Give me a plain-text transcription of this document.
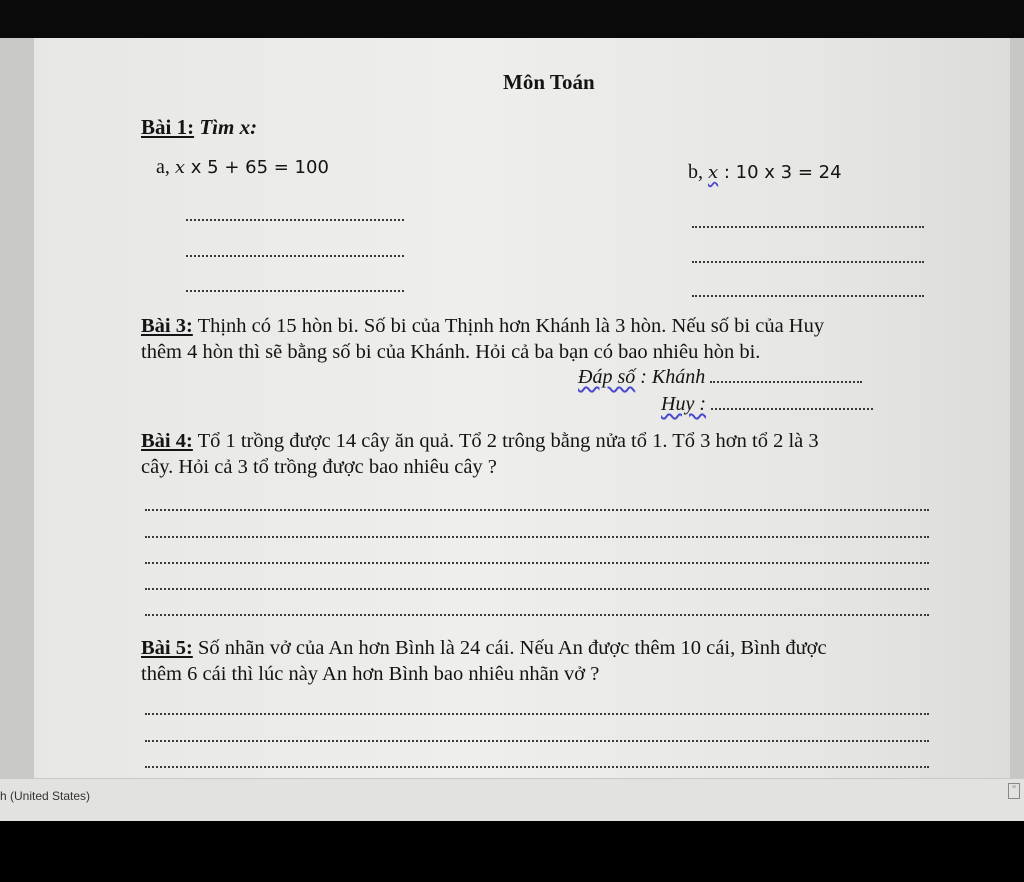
Môn Toán
Bài 1: Tìm x:
a, x x 5 + 65 = 100	b, x : 10 x 3 = 24
Bài 3: Thịnh có 15 hòn bi. Số bi của Thịnh hơn Khánh là 3 hòn. Nếu số bi của Huy
thêm 4 hòn thì sẽ bằng số bi của Khánh. Hỏi cả ba bạn có bao nhiêu hòn bi.
Đáp số : Khánh
Huy :
Bài 4: Tổ 1 trồng được 14 cây ăn quả. Tổ 2 trông bằng nửa tổ 1. Tổ 3 hơn tổ 2 là 3
cây. Hỏi cả 3 tổ trồng được bao nhiêu cây ?
Bài 5: Số nhãn vở của An hơn Bình là 24 cái. Nếu An được thêm 10 cái, Bình được
thêm 6 cái thì lúc này An hơn Bình bao nhiêu nhãn vở ?
h (United States)
≡
